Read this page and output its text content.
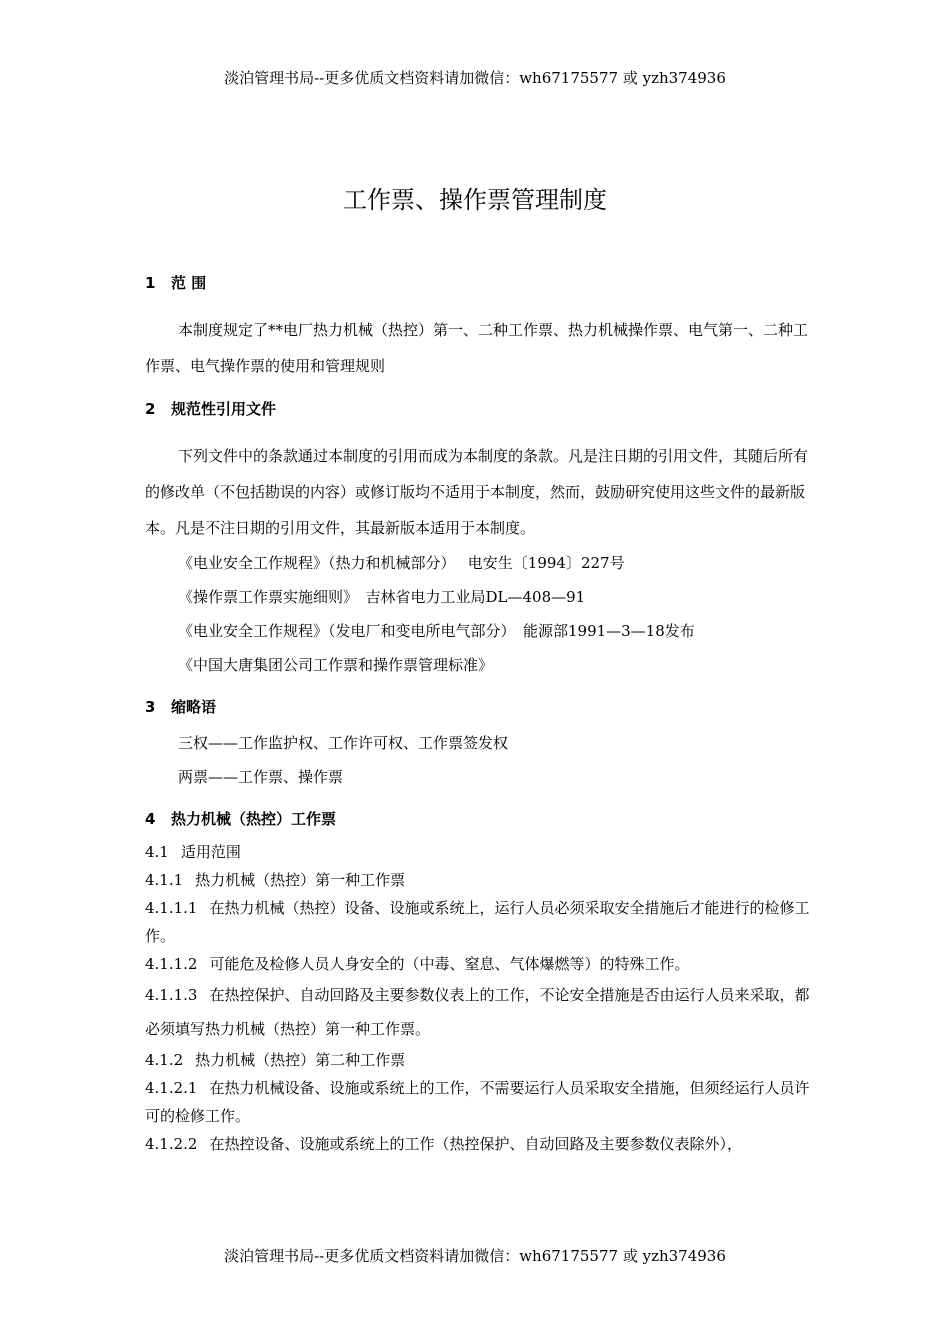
淡泊管理书局--更多优质文档资料请加微信：wh67175577 或 yzh374936
工作票、操作票管理制度
1 范 围
本制度规定了**电厂热力机械（热控）第一、二种工作票、热力机械操作票、电气第一、二种工作票、电气操作票的使用和管理规则
2 规范性引用文件
下列文件中的条款通过本制度的引用而成为本制度的条款。凡是注日期的引用文件，其随后所有的修改单（不包括勘误的内容）或修订版均不适用于本制度，然而，鼓励研究使用这些文件的最新版本。凡是不注日期的引用文件，其最新版本适用于本制度。
《电业安全工作规程》（热力和机械部分）　 电安生〔1994〕227号
《操作票工作票实施细则》　吉林省电力工业局DL—408—91
《电业安全工作规程》（发电厂和变电所电气部分）　能源部1991—3—18发布
《中国大唐集团公司工作票和操作票管理标准》
3 缩略语
三权——工作监护权、工作许可权、工作票签发权
两票——工作票、操作票
4 热力机械（热控）工作票
4.1 适用范围
4.1.1 热力机械（热控）第一种工作票
4.1.1.1 在热力机械（热控）设备、设施或系统上，运行人员必须采取安全措施后才能进行的检修工作。
4.1.1.2 可能危及检修人员人身安全的（中毒、窒息、气体爆燃等）的特殊工作。
4.1.1.3 在热控保护、自动回路及主要参数仪表上的工作，不论安全措施是否由运行人员来采取，都必须填写热力机械（热控）第一种工作票。
4.1.2 热力机械（热控）第二种工作票
4.1.2.1 在热力机械设备、设施或系统上的工作，不需要运行人员采取安全措施，但须经运行人员许可的检修工作。
4.1.2.2 在热控设备、设施或系统上的工作（热控保护、自动回路及主要参数仪表除外），
淡泊管理书局--更多优质文档资料请加微信：wh67175577 或 yzh374936
